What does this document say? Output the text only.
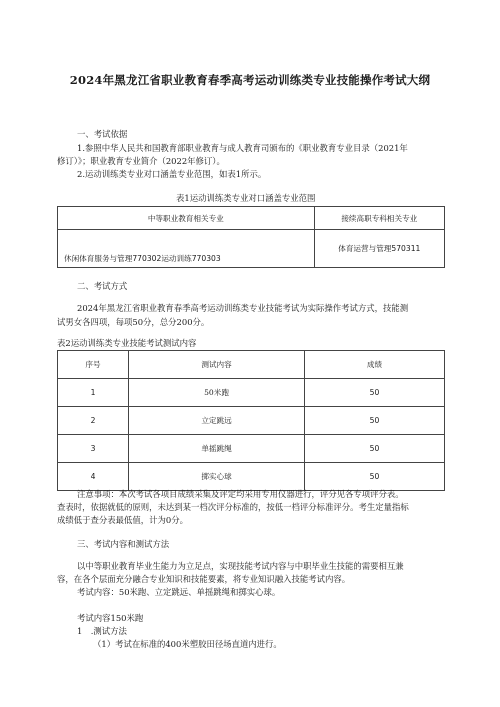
2024年黑龙江省职业教育春季高考运动训练类专业技能操作考试大纲
一、考试依据
1.参照中华人民共和国教育部职业教育与成人教育司颁布的《职业教育专业目录（2021年
修订）》；职业教育专业简介（2022年修订）。
2.运动训练类专业对口涵盖专业范围，如表1所示。
表1运动训练类专业对口涵盖专业范围
中等职业教育相关专业	接续高职专科相关专业
休闲体育服务与管理770302运动训练770303	体育运营与管理570311
二、考试方式
2024年黑龙江省职业教育春季高考运动训练类专业技能考试为实际操作考试方式，技能测
试男女各四项，每项50分，总分200分。
表2运动训练类专业技能考试测试内容
序号	测试内容	成绩
1	50米跑	50
2	立定跳远	50
3	单摇跳绳	50
4	掷实心球	50
注意事项：本次考试各项目成绩采集及评定均采用专用仪器进行，评分见各专项评分表。
查表时，依据就低的原则，未达到某一档次评分标准的，按低一档评分标准评分。考生定量指标
成绩低于查分表最低值，计为0分。
三、考试内容和测试方法
以中等职业教育毕业生能力为立足点，实现技能考试内容与中职毕业生技能的需要相互兼
容，在各个层面充分融合专业知识和技能要素，将专业知识融入技能考试内容。
考试内容：50米跑、立定跳远、单摇跳绳和掷实心球。
考试内容150米跑
1　.测试方法
（1）考试在标准的400米塑胶田径场直道内进行。
